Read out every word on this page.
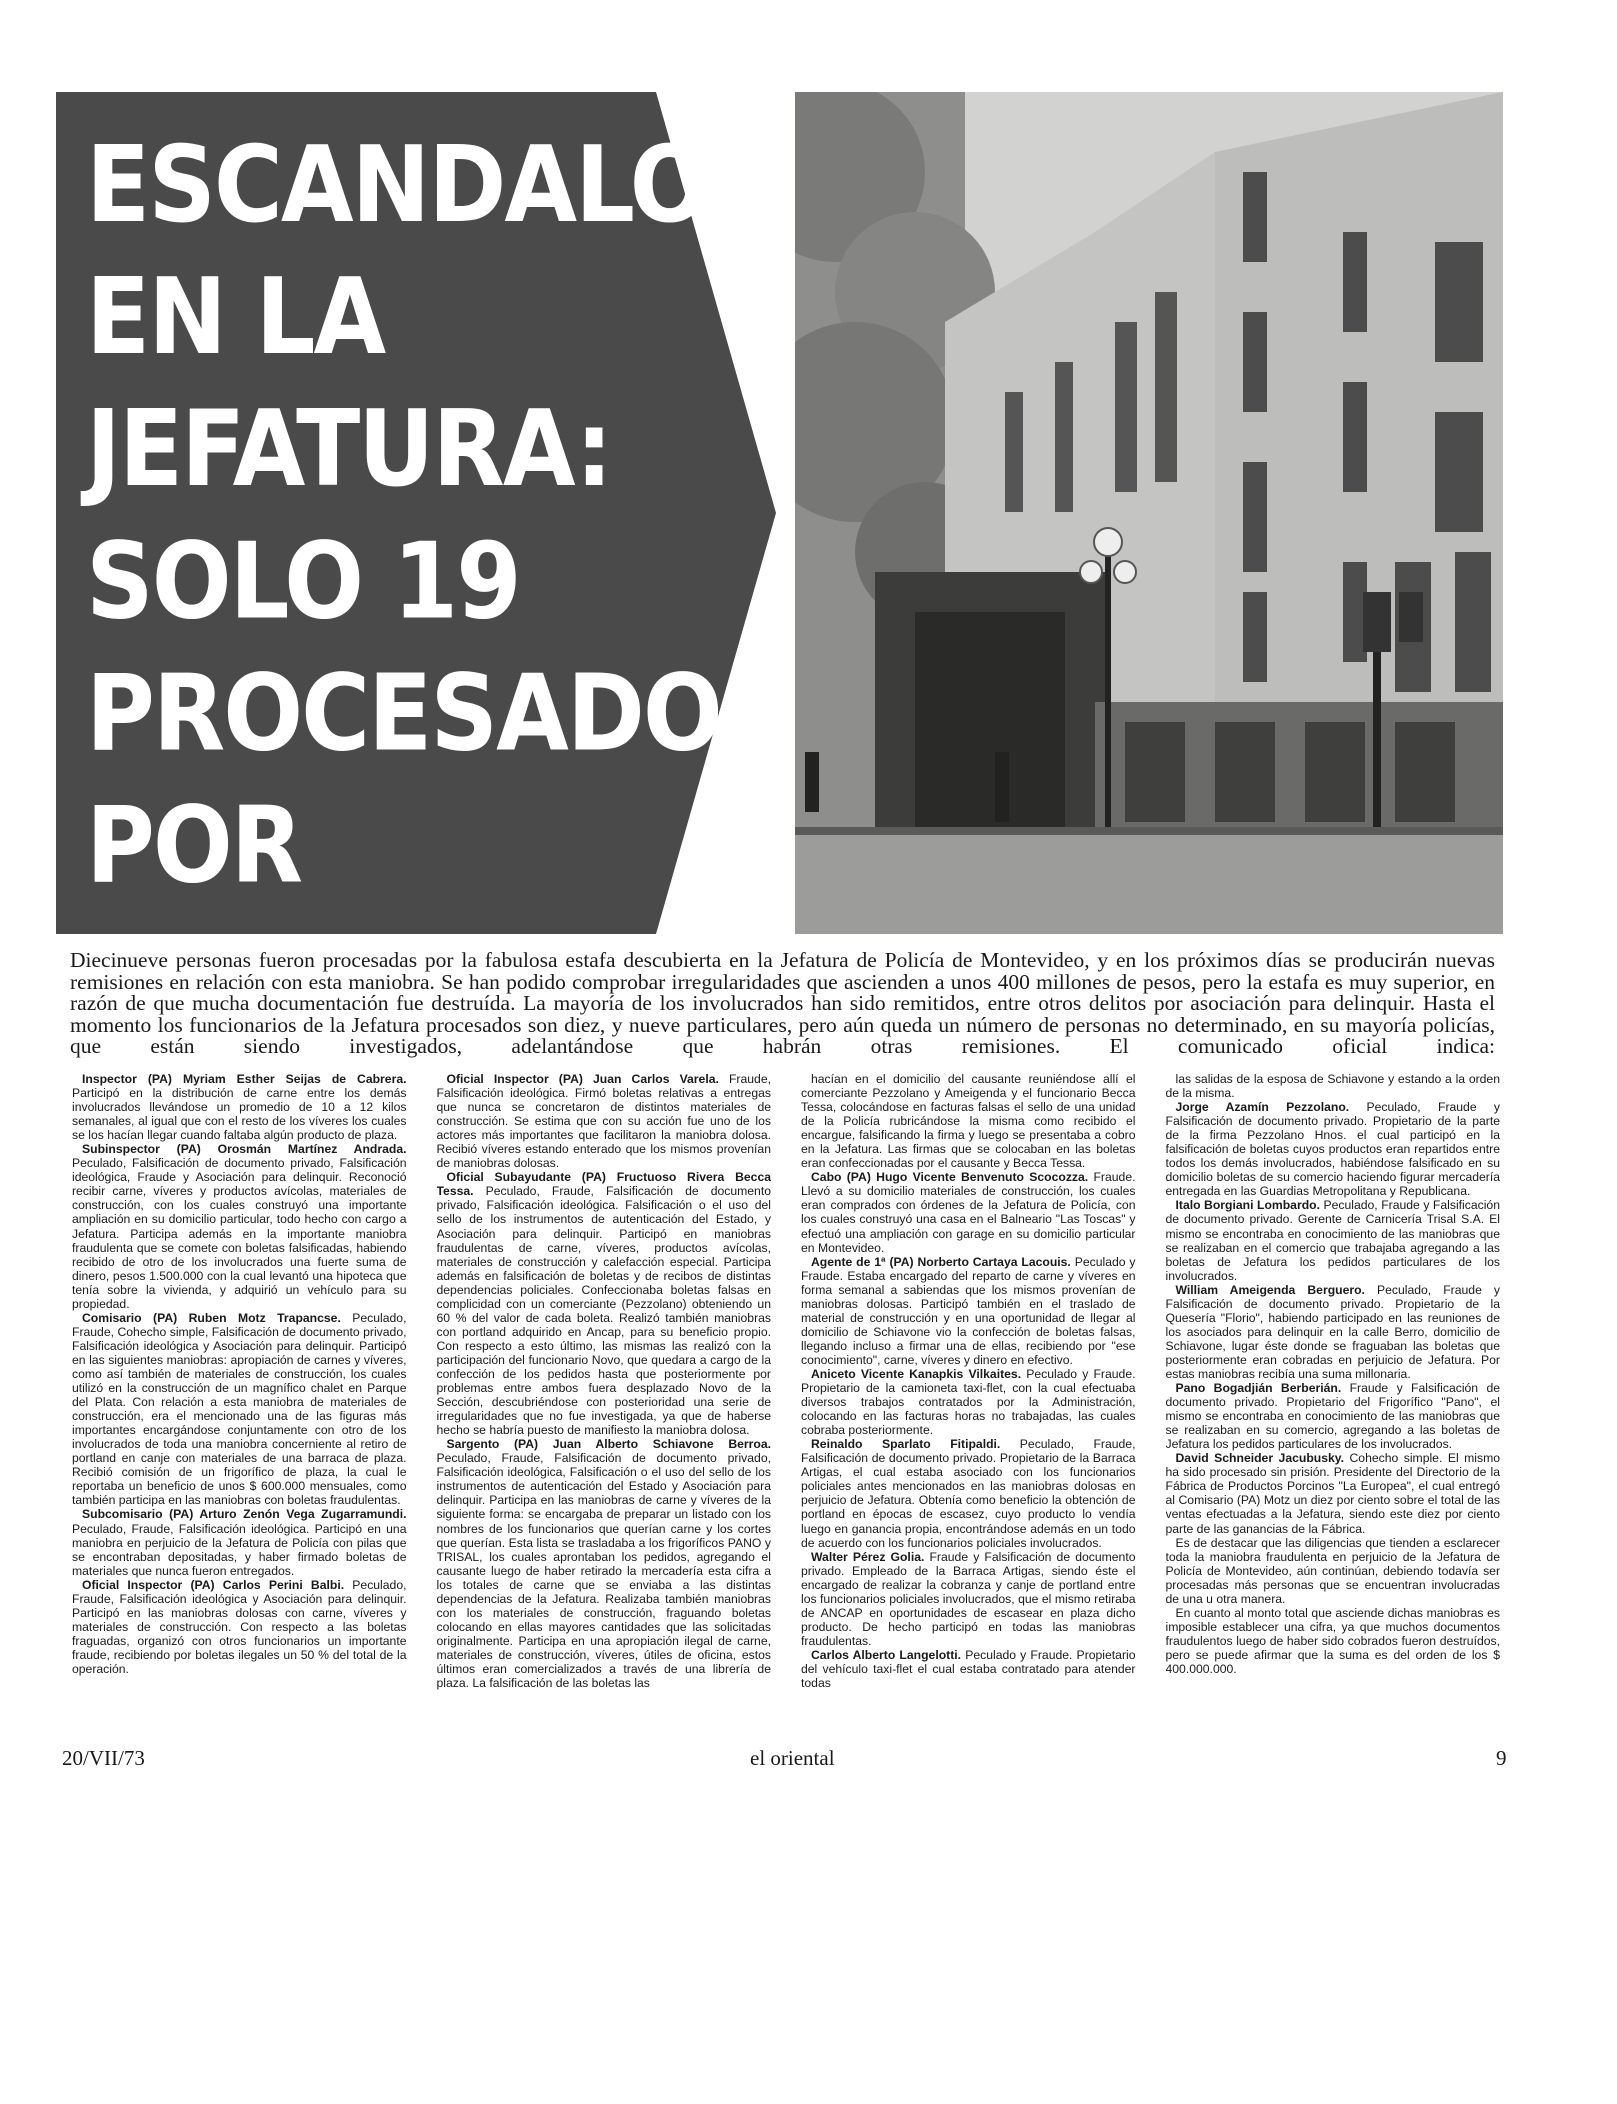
ESCANDALO
EN LA
JEFATURA:
SOLO 19
PROCESADOS
POR
AHORA

Diecinueve personas fueron procesadas por la fabulosa estafa descubierta en la Jefatura de Policía de Montevideo, y en los próximos días se producirán nuevas remisiones en relación con esta maniobra. Se han podido comprobar irregularidades que ascienden a unos 400 millones de pesos, pero la estafa es muy superior, en razón de que mucha documentación fue destruída. La mayoría de los involucrados han sido remitidos, entre otros delitos por asociación para delinquir. Hasta el momento los funcionarios de la Jefatura procesados son diez, y nueve particulares, pero aún queda un número de personas no determinado, en su mayoría policías, que están siendo investigados, adelantándose que habrán otras remisiones. El comunicado oficial indica:

Inspector (PA) Myriam Esther Seijas de Cabrera. Participó en la distribución de carne entre los demás involucrados llevándose un promedio de 10 a 12 kilos semanales, al igual que con el resto de los víveres los cuales se los hacían llegar cuando faltaba algún producto de plaza.

Subinspector (PA) Orosmán Martínez Andrada. Peculado, Falsificación de documento privado, Falsificación ideológica, Fraude y Asociación para delinquir. Reconoció recibir carne, víveres y productos avícolas, materiales de construcción, con los cuales construyó una importante ampliación en su domicilio particular, todo hecho con cargo a Jefatura. Participa además en la importante maniobra fraudulenta que se comete con boletas falsificadas, habiendo recibido de otro de los involucrados una fuerte suma de dinero, pesos 1.500.000 con la cual levantó una hipoteca que tenía sobre la vivienda, y adquirió un vehículo para su propiedad.

Comisario (PA) Ruben Motz Trapancse. Peculado, Fraude, Cohecho simple, Falsificación de documento privado, Falsificación ideológica y Asociación para delinquir. Participó en las siguientes maniobras: apropiación de carnes y víveres, como así también de materiales de construcción, los cuales utilizó en la construcción de un magnífico chalet en Parque del Plata. Con relación a esta maniobra de materiales de construcción, era el mencionado una de las figuras más importantes encargándose conjuntamente con otro de los involucrados de toda una maniobra concerniente al retiro de portland en canje con materiales de una barraca de plaza. Recibió comisión de un frigorífico de plaza, la cual le reportaba un beneficio de unos $ 600.000 mensuales, como también participa en las maniobras con boletas fraudulentas.

Subcomisario (PA) Arturo Zenón Vega Zugarramundi. Peculado, Fraude, Falsificación ideológica. Participó en una maniobra en perjuicio de la Jefatura de Policía con pilas que se encontraban depositadas, y haber firmado boletas de materiales que nunca fueron entregados.

Oficial Inspector (PA) Carlos Perini Balbi. Peculado, Fraude, Falsificación ideológica y Asociación para delinquir. Participó en las maniobras dolosas con carne, víveres y materiales de construcción. Con respecto a las boletas fraguadas, organizó con otros funcionarios un importante fraude, recibiendo por boletas ilegales un 50 % del total de la operación.

Oficial Inspector (PA) Juan Carlos Varela. Fraude, Falsificación ideológica. Firmó boletas relativas a entregas que nunca se concretaron de distintos materiales de construcción. Se estima que con su acción fue uno de los actores más importantes que facilitaron la maniobra dolosa. Recibió víveres estando enterado que los mismos provenían de maniobras dolosas.

Oficial Subayudante (PA) Fructuoso Rivera Becca Tessa. Peculado, Fraude, Falsificación de documento privado, Falsificación ideológica. Falsificación o el uso del sello de los instrumentos de autenticación del Estado, y Asociación para delinquir. Participó en maniobras fraudulentas de carne, víveres, productos avícolas, materiales de construcción y calefacción especial. Participa además en falsificación de boletas y de recibos de distintas dependencias policiales. Confeccionaba boletas falsas en complicidad con un comerciante (Pezzolano) obteniendo un 60 % del valor de cada boleta. Realizó también maniobras con portland adquirido en Ancap, para su beneficio propio. Con respecto a esto último, las mismas las realizó con la participación del funcionario Novo, que quedara a cargo de la confección de los pedidos hasta que posteriormente por problemas entre ambos fuera desplazado Novo de la Sección, descubriéndose con posterioridad una serie de irregularidades que no fue investigada, ya que de haberse hecho se habría puesto de manifiesto la maniobra dolosa.

Sargento (PA) Juan Alberto Schiavone Berroa. Peculado, Fraude, Falsificación de documento privado, Falsificación ideológica, Falsificación o el uso del sello de los instrumentos de autenticación del Estado y Asociación para delinquir. Participa en las maniobras de carne y víveres de la siguiente forma: se encargaba de preparar un listado con los nombres de los funcionarios que querían carne y los cortes que querían. Esta lista se trasladaba a los frigoríficos PANO y TRISAL, los cuales aprontaban los pedidos, agregando el causante luego de haber retirado la mercadería esta cifra a los totales de carne que se enviaba a las distintas dependencias de la Jefatura. Realizaba también maniobras con los materiales de construcción, fraguando boletas colocando en ellas mayores cantidades que las solicitadas originalmente. Participa en una apropiación ilegal de carne, materiales de construcción, víveres, útiles de oficina, estos últimos eran comercializados a través de una librería de plaza. La falsificación de las boletas las

hacían en el domicilio del causante reuniéndose allí el comerciante Pezzolano y Ameigenda y el funcionario Becca Tessa, colocándose en facturas falsas el sello de una unidad de la Policía rubricándose la misma como recibido el encargue, falsificando la firma y luego se presentaba a cobro en la Jefatura. Las firmas que se colocaban en las boletas eran confeccionadas por el causante y Becca Tessa.

Cabo (PA) Hugo Vicente Benvenuto Scocozza. Fraude. Llevó a su domicilio materiales de construcción, los cuales eran comprados con órdenes de la Jefatura de Policía, con los cuales construyó una casa en el Balneario "Las Toscas" y efectuó una ampliación con garage en su domicilio particular en Montevideo.

Agente de 1ª (PA) Norberto Cartaya Lacouis. Peculado y Fraude. Estaba encargado del reparto de carne y víveres en forma semanal a sabiendas que los mismos provenían de maniobras dolosas. Participó también en el traslado de material de construcción y en una oportunidad de llegar al domicilio de Schiavone vio la confección de boletas falsas, llegando incluso a firmar una de ellas, recibiendo por "ese conocimiento", carne, víveres y dinero en efectivo.

Aniceto Vicente Kanapkis Vilkaites. Peculado y Fraude. Propietario de la camioneta taxi-flet, con la cual efectuaba diversos trabajos contratados por la Administración, colocando en las facturas horas no trabajadas, las cuales cobraba posteriormente.

Reinaldo Sparlato Fitipaldi. Peculado, Fraude, Falsificación de documento privado. Propietario de la Barraca Artigas, el cual estaba asociado con los funcionarios policiales antes mencionados en las maniobras dolosas en perjuicio de Jefatura. Obtenía como beneficio la obtención de portland en épocas de escasez, cuyo producto lo vendía luego en ganancia propia, encontrándose además en un todo de acuerdo con los funcionarios policiales involucrados.

Walter Pérez Golia. Fraude y Falsificación de documento privado. Empleado de la Barraca Artigas, siendo éste el encargado de realizar la cobranza y canje de portland entre los funcionarios policiales involucrados, que el mismo retiraba de ANCAP en oportunidades de escasear en plaza dicho producto. De hecho participó en todas las maniobras fraudulentas.

Carlos Alberto Langelotti. Peculado y Fraude. Propietario del vehículo taxi-flet el cual estaba contratado para atender todas

las salidas de la esposa de Schiavone y estando a la orden de la misma.

Jorge Azamín Pezzolano. Peculado, Fraude y Falsificación de documento privado. Propietario de la parte de la firma Pezzolano Hnos. el cual participó en la falsificación de boletas cuyos productos eran repartidos entre todos los demás involucrados, habiéndose falsificado en su domicilio boletas de su comercio haciendo figurar mercadería entregada en las Guardias Metropolitana y Republicana.

Italo Borgiani Lombardo. Peculado, Fraude y Falsificación de documento privado. Gerente de Carnicería Trisal S.A. El mismo se encontraba en conocimiento de las maniobras que se realizaban en el comercio que trabajaba agregando a las boletas de Jefatura los pedidos particulares de los involucrados.

William Ameigenda Berguero. Peculado, Fraude y Falsificación de documento privado. Propietario de la Quesería "Florio", habiendo participado en las reuniones de los asociados para delinquir en la calle Berro, domicilio de Schiavone, lugar éste donde se fraguaban las boletas que posteriormente eran cobradas en perjuicio de Jefatura. Por estas maniobras recibía una suma millonaria.

Pano Bogadjián Berberián. Fraude y Falsificación de documento privado. Propietario del Frigorífico "Pano", el mismo se encontraba en conocimiento de las maniobras que se realizaban en su comercio, agregando a las boletas de Jefatura los pedidos particulares de los involucrados.

David Schneider Jacubusky. Cohecho simple. El mismo ha sido procesado sin prisión. Presidente del Directorio de la Fábrica de Productos Porcinos "La Europea", el cual entregó al Comisario (PA) Motz un diez por ciento sobre el total de las ventas efectuadas a la Jefatura, siendo este diez por ciento parte de las ganancias de la Fábrica.

Es de destacar que las diligencias que tienden a esclarecer toda la maniobra fraudulenta en perjuicio de la Jefatura de Policía de Montevideo, aún continúan, debiendo todavía ser procesadas más personas que se encuentran involucradas de una u otra manera.

En cuanto al monto total que asciende dichas maniobras es imposible establecer una cifra, ya que muchos documentos fraudulentos luego de haber sido cobrados fueron destruídos, pero se puede afirmar que la suma es del orden de los $ 400.000.000.

20/VII/73	el oriental	9
